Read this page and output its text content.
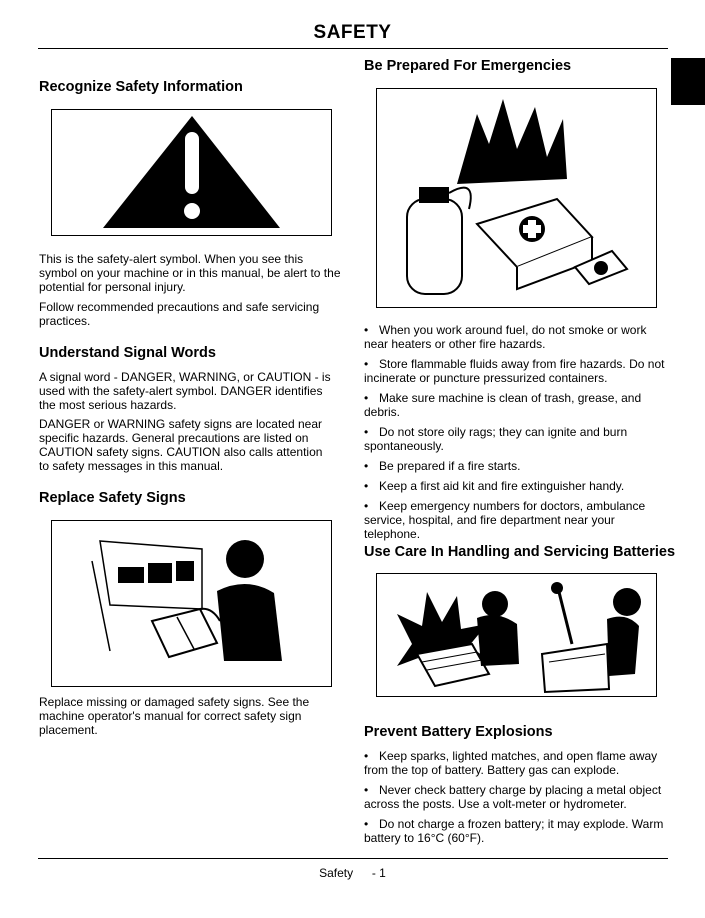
SAFETY
Recognize Safety Information

This is the safety-alert symbol. When you see this symbol on your machine or in this manual, be alert to the potential for personal injury.

Follow recommended precautions and safe servicing practices.

Understand Signal Words

A signal word - DANGER, WARNING, or CAUTION - is used with the safety-alert symbol. DANGER identifies the most serious hazards.

DANGER or WARNING safety signs are located near specific hazards. General precautions are listed on CAUTION safety signs. CAUTION also calls attention to safety messages in this manual.

Replace Safety Signs

Replace missing or damaged safety signs. See the machine operator's manual for correct safety sign placement.

Be Prepared For Emergencies
• When you work around fuel, do not smoke or work near heaters or other fire hazards.
• Store flammable fluids away from fire hazards. Do not incinerate or puncture pressurized containers.
• Make sure machine is clean of trash, grease, and debris.
• Do not store oily rags; they can ignite and burn spontaneously.
• Be prepared if a fire starts.
• Keep a first aid kit and fire extinguisher handy.
• Keep emergency numbers for doctors, ambulance service, hospital, and fire department near your telephone.
Use Care In Handling and Servicing Batteries
Prevent Battery Explosions
• Keep sparks, lighted matches, and open flame away from the top of battery. Battery gas can explode.
• Never check battery charge by placing a metal object across the posts. Use a volt-meter or hydrometer.
• Do not charge a frozen battery; it may explode. Warm battery to 16°C (60°F).
Safety - 1
